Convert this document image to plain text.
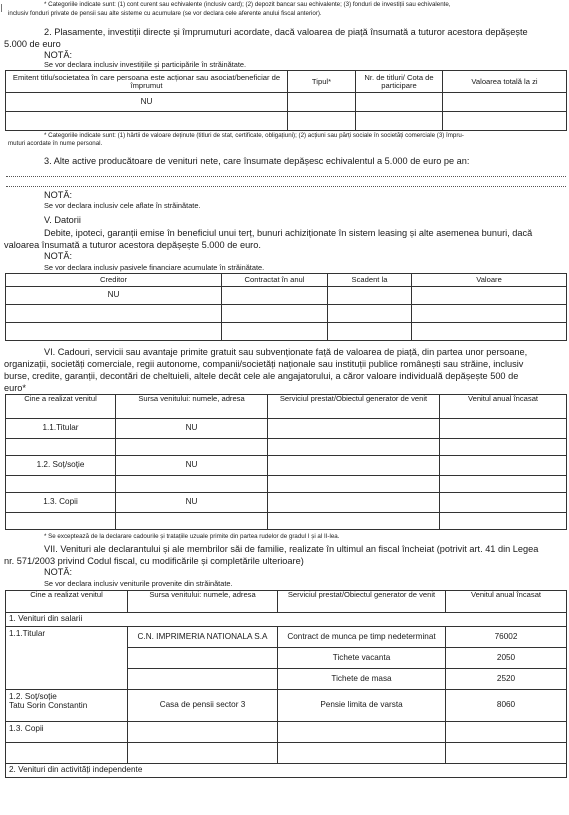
* Categoriile indicate sunt: (1) cont curent sau echivalente (inclusiv card); (2) depozit bancar sau echivalente; (3) fonduri de investiții sau echivalente,
inclusiv fonduri private de pensii sau alte sisteme cu acumulare (se vor declara cele aferente anului fiscal anterior).
2. Plasamente, investiții directe și împrumuturi acordate, dacă valoarea de piață însumată a tuturor acestora depășește
5.000 de euro
NOTĂ:
Se vor declara inclusiv investițiile și participările în străinătate.
Emitent titlu/societatea în care persoana este acționar sau asociat/beneficiar de împrumut	Tipul*	Nr. de titluri/ Cota de participare	Valoarea totală la zi
NU			

* Categoriile indicate sunt: (1) hârtii de valoare deținute (titluri de stat, certificate, obligațiuni); (2) acțiuni sau părți sociale în societăți comerciale (3) împru-
muturi acordate în nume personal.
3. Alte active producătoare de venituri nete, care însumate depășesc echivalentul a 5.000 de euro pe an:
NOTĂ:
Se vor declara inclusiv cele aflate în străinătate.
V. Datorii
Debite, ipoteci, garanții emise în beneficiul unui terț, bunuri achiziționate în sistem leasing și alte asemenea bunuri, dacă
valoarea însumată a tuturor acestora depășește 5.000 de euro.
NOTĂ:
Se vor declara inclusiv pasivele financiare acumulate în străinătate.
Creditor	Contractat în anul	Scadent la	Valoare
NU			

VI. Cadouri, servicii sau avantaje primite gratuit sau subvenționate față de valoarea de piață, din partea unor persoane,
organizații, societăți comerciale, regii autonome, companii/societăți naționale sau instituții publice românești sau străine, inclusiv
burse, credite, garanții, decontări de cheltuieli, altele decât cele ale angajatorului, a căror valoare individuală depășește 500 de
euro*
Cine a realizat venitul	Sursa venitului: numele, adresa	Serviciul prestat/Obiectul generator de venit	Venitul anual încasat
1.1.Titular	NU		

1.2. Soț/soție	NU		

1.3. Copii	NU		

* Se exceptează de la declarare cadourile și tratațiile uzuale primite din partea rudelor de gradul I și al II-lea.
VII. Venituri ale declarantului și ale membrilor săi de familie, realizate în ultimul an fiscal încheiat (potrivit art. 41 din Legea
nr. 571/2003 privind Codul fiscal, cu modificările și completările ulterioare)
NOTĂ:
Se vor declara inclusiv veniturile provenite din străinătate.
Cine a realizat venitul	Sursa venitului: numele, adresa	Serviciul prestat/Obiectul generator de venit	Venitul anual încasat
1. Venituri din salarii			
1.1.Titular	C.N. IMPRIMERIA NATIONALA S.A	Contract de munca pe timp nedeterminat	76002
		Tichete vacanta	2050
		Tichete de masa	2520

1.2. Soț/soție
Tatu Sorin Constantin	Casa de pensii sector 3	Pensie limita de varsta	8060
1.3. Copii			

2. Venituri din activități independente			
